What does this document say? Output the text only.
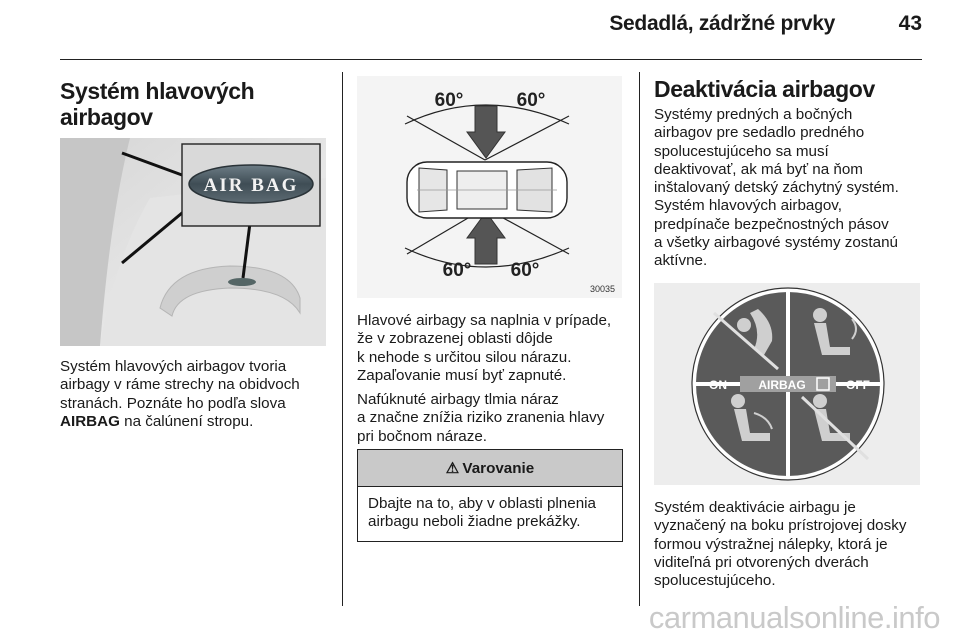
Sedadlá, zádržné prvky	43
Systém hlavových
airbagov
AIR BAG

Systém hlavových airbagov tvoria
airbagy v ráme strechy na obidvoch
stranách. Poznáte ho podľa slova
AIRBAG na čalúnení stropu.

60°	60°
60° 60°
30035

Hlavové airbagy sa naplnia v prípade,
že v zobrazenej oblasti dôjde
k nehode s určitou silou nárazu.
Zapaľovanie musí byť zapnuté.

Nafúknuté airbagy tlmia náraz
a značne znížia riziko zranenia hlavy
pri bočnom náraze.

⚠ Varovanie
Dbajte na to, aby v oblasti plnenia
airbagu neboli žiadne prekážky.
Deaktivácia airbagov

Systémy predných a bočných
airbagov pre sedadlo predného
spolucestujúceho sa musí
deaktivovať, ak má byť na ňom
inštalovaný detský záchytný systém.
Systém hlavových airbagov,
predpínače bezpečnostných pásov
a všetky airbagové systémy zostanú
aktívne.

ON	AIRBAG	OFF

Systém deaktivácie airbagu je
vyznačený na boku prístrojovej dosky
formou výstražnej nálepky, ktorá je
viditeľná pri otvorených dverách
spolucestujúceho.

carmanualsonline.info
